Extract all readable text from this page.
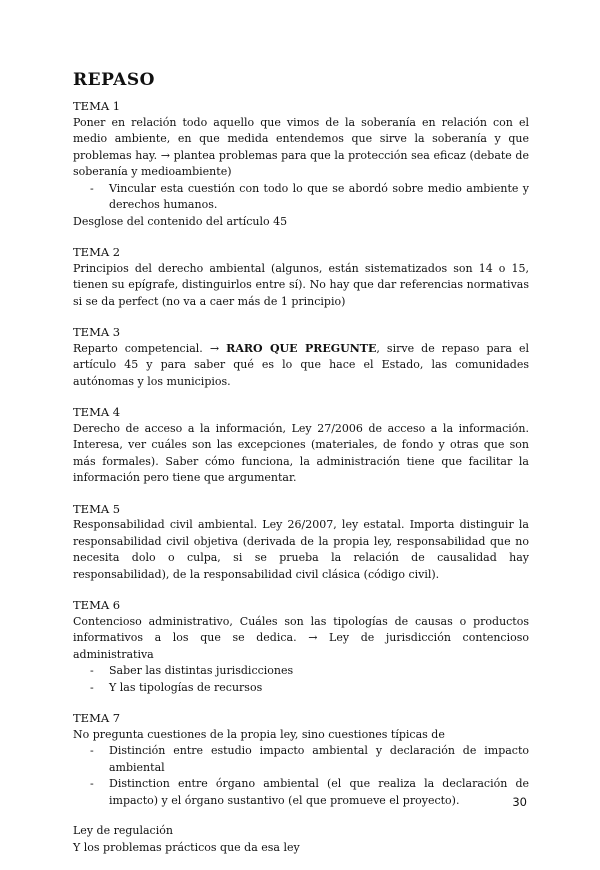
REPASO
TEMA 1

Poner en relación todo aquello que vimos de la soberanía en relación con el medio ambiente, en que medida entendemos que sirve la soberanía y que problemas hay. → plantea problemas para que la protección sea eficaz (debate de soberanía y medioambiente)

- Vincular esta cuestión con todo lo que se abordó sobre medio ambiente y derechos humanos.

Desglose del contenido del artículo 45

TEMA 2

Principios del derecho ambiental (algunos, están sistematizados son 14 o 15, tienen su epígrafe, distinguirlos entre sí). No hay que dar referencias normativas si se da perfect (no va a caer más de 1 principio)

TEMA 3

Reparto competencial. → RARO QUE PREGUNTE, sirve de repaso para el artículo 45 y para saber qué es lo que hace el Estado, las comunidades autónomas y los municipios.

TEMA 4

Derecho de acceso a la información, Ley 27/2006 de acceso a la información. Interesa, ver cuáles son las excepciones (materiales, de fondo y otras que son más formales). Saber cómo funciona, la administración tiene que facilitar la información pero tiene que argumentar.

TEMA 5

Responsabilidad civil ambiental. Ley 26/2007, ley estatal. Importa distinguir la responsabilidad civil objetiva (derivada de la propia ley, responsabilidad que no necesita dolo o culpa, si se prueba la relación de causalidad hay responsabilidad), de la responsabilidad civil clásica (código civil).

TEMA 6

Contencioso administrativo, Cuáles son las tipologías de causas o productos informativos a los que se dedica. → Ley de jurisdicción contencioso administrativa

- Saber las distintas jurisdicciones
- Y las tipologías de recursos
TEMA 7

No pregunta cuestiones de la propia ley, sino cuestiones típicas de

- Distinción entre estudio impacto ambiental y declaración de impacto ambiental
- Distinction entre órgano ambiental (el que realiza la declaración de impacto) y el órgano sustantivo (el que promueve el proyecto).

Ley de regulación

Y los problemas prácticos que da esa ley

30
